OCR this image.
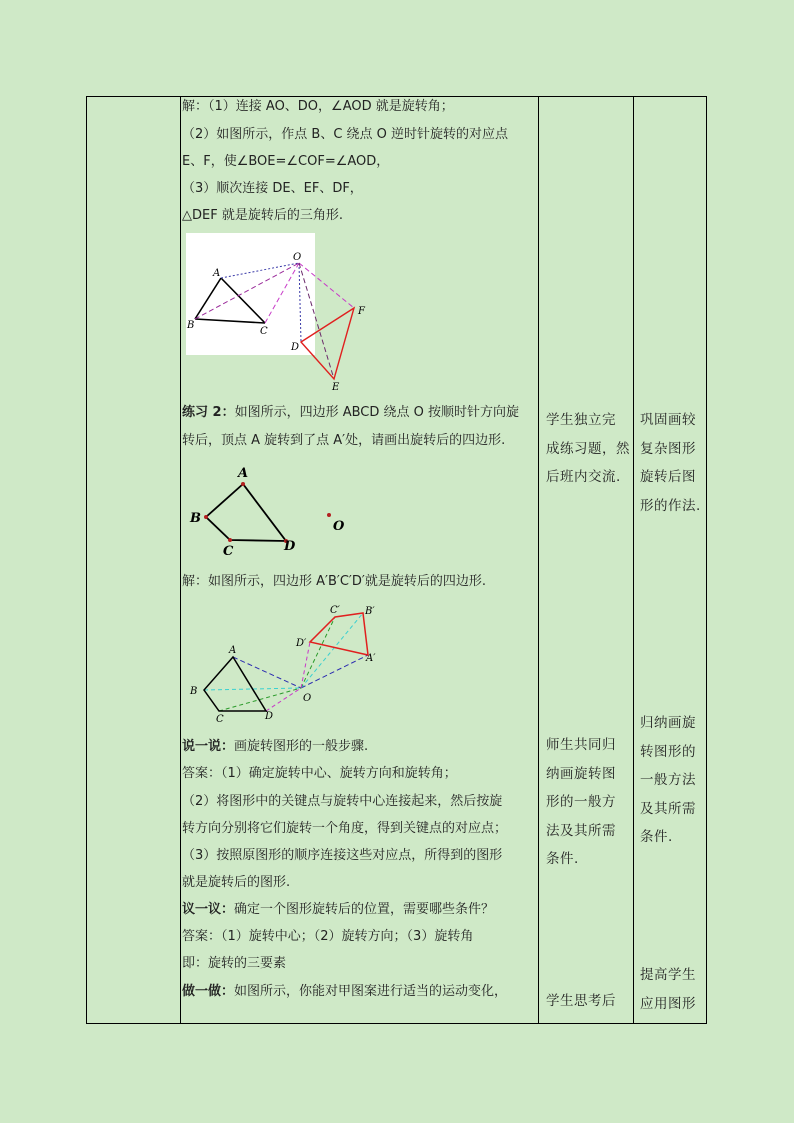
解：（1）连接 AO、DO，∠AOD 就是旋转角；

（2）如图所示，作点 B、C 绕点 O 逆时针旋转的对应点

E、F，使∠BOE=∠COF=∠AOD，

（3）顺次连接 DE、EF、DF，

△DEF 就是旋转后的三角形.

练习 2：如图所示，四边形 ABCD 绕点 O 按顺时针方向旋

转后，顶点 A 旋转到了点 A′处，请画出旋转后的四边形.

解：如图所示，四边形 A′B′C′D′就是旋转后的四边形.

说一说：画旋转图形的一般步骤.

答案：（1）确定旋转中心、旋转方向和旋转角；

（2）将图形中的关键点与旋转中心连接起来，然后按旋

转方向分别将它们旋转一个角度，得到关键点的对应点；

（3）按照原图形的顺序连接这些对应点，所得到的图形

就是旋转后的图形.

议一议：确定一个图形旋转后的位置，需要哪些条件？

答案：（1）旋转中心；（2）旋转方向；（3）旋转角

即：旋转的三要素

做一做：如图所示，你能对甲图案进行适当的运动变化，

学生独立完

成练习题，然

后班内交流.

师生共同归

纳画旋转图

形的一般方

法及其所需

条件.

学生思考后

巩固画较

复杂图形

旋转后图

形的作法.

归纳画旋

转图形的

一般方法

及其所需

条件.

提高学生

应用图形

A
B
C
O
D
F
E
A
B
C	D
O
A
B
C	D
O
A′
B′
C′
D′
